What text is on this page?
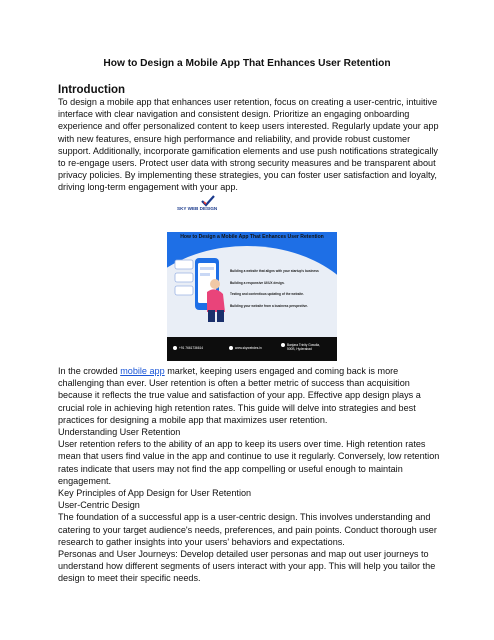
How to Design a Mobile App That Enhances User Retention
Introduction

To design a mobile app that enhances user retention, focus on creating a user-centric, intuitive
interface with clear navigation and consistent design. Prioritize an engaging onboarding
experience and offer personalized content to keep users interested. Regularly update your app
with new features, ensure high performance and reliability, and provide robust customer
support. Additionally, incorporate gamification elements and use push notifications strategically
to re-engage users. Protect user data with strong security measures and be transparent about
privacy policies. By implementing these strategies, you can foster user satisfaction and loyalty,
driving long-term engagement with your app.

SKY WEB DESIGN
How to Design a Mobile App That Enhances User Retention
Building a website that aligns with your startup's business
Building a responsive UI/UX design.
Testing and contentious updating of the website.
Building your website from a business perspective.
+91 7661736614	www.skywebdes.in
Banjara Trinity Gowdia,
500B, Hyderabad

In the crowded mobile app market, keeping users engaged and coming back is more
challenging than ever. User retention is often a better metric of success than acquisition
because it reflects the true value and satisfaction of your app. Effective app design plays a
crucial role in achieving high retention rates. This guide will delve into strategies and best
practices for designing a mobile app that maximizes user retention.
Understanding User Retention
User retention refers to the ability of an app to keep its users over time. High retention rates
mean that users find value in the app and continue to use it regularly. Conversely, low retention
rates indicate that users may not find the app compelling or useful enough to maintain
engagement.
Key Principles of App Design for User Retention
User-Centric Design
The foundation of a successful app is a user-centric design. This involves understanding and
catering to your target audience's needs, preferences, and pain points. Conduct thorough user
research to gather insights into your users' behaviors and expectations.
Personas and User Journeys: Develop detailed user personas and map out user journeys to
understand how different segments of users interact with your app. This will help you tailor the
design to meet their specific needs.
